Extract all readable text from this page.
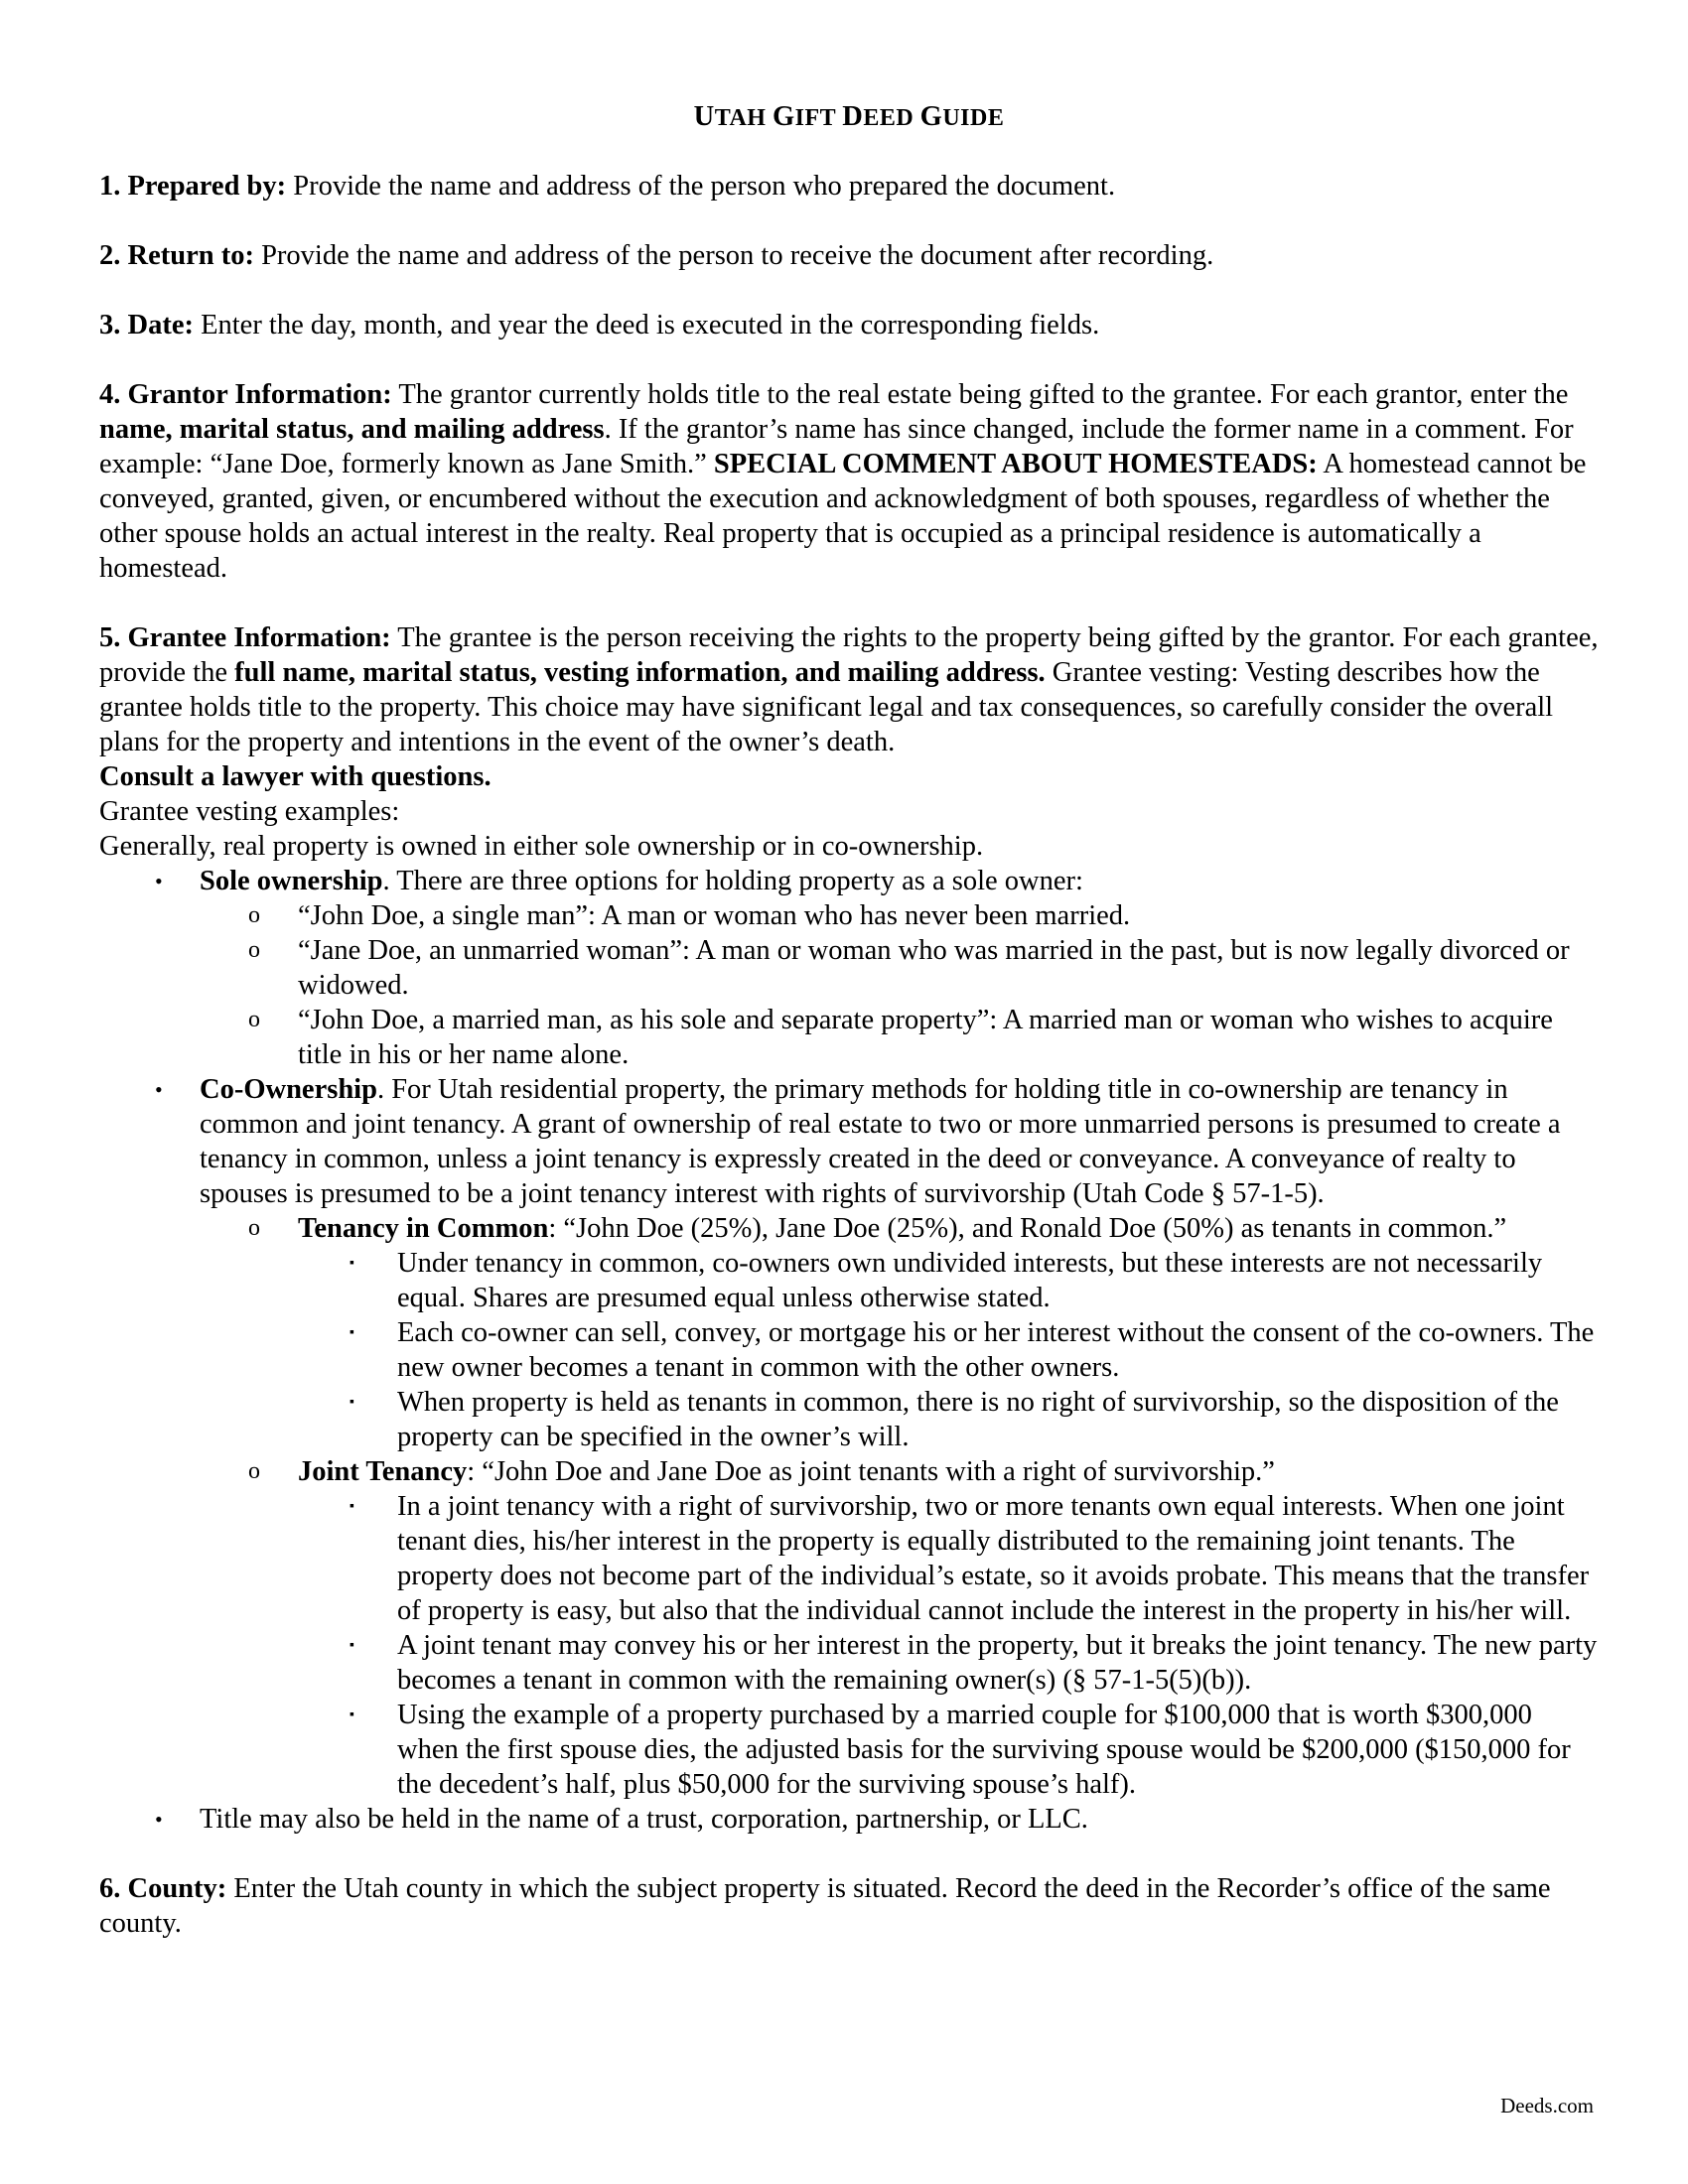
UTAH GIFT DEED GUIDE

1. Prepared by: Provide the name and address of the person who prepared the document.

2. Return to: Provide the name and address of the person to receive the document after recording.

3. Date: Enter the day, month, and year the deed is executed in the corresponding fields.

4. Grantor Information: The grantor currently holds title to the real estate being gifted to the grantee. For each grantor, enter the name, marital status, and mailing address. If the grantor’s name has since changed, include the former name in a comment. For example: “Jane Doe, formerly known as Jane Smith.” SPECIAL COMMENT ABOUT HOMESTEADS: A homestead cannot be conveyed, granted, given, or encumbered without the execution and acknowledgment of both spouses, regardless of whether the other spouse holds an actual interest in the realty. Real property that is occupied as a principal residence is automatically a homestead.

5. Grantee Information: The grantee is the person receiving the rights to the property being gifted by the grantor. For each grantee, provide the full name, marital status, vesting information, and mailing address. Grantee vesting: Vesting describes how the grantee holds title to the property. This choice may have significant legal and tax consequences, so carefully consider the overall plans for the property and intentions in the event of the owner’s death.
Consult a lawyer with questions.

Grantee vesting examples:

Generally, real property is owned in either sole ownership or in co-ownership.

• Sole ownership. There are three options for holding property as a sole owner:
o “John Doe, a single man”: A man or woman who has never been married.
o “Jane Doe, an unmarried woman”: A man or woman who was married in the past, but is now legally divorced or widowed.
o “John Doe, a married man, as his sole and separate property”: A married man or woman who wishes to acquire title in his or her name alone.
• Co-Ownership. For Utah residential property, the primary methods for holding title in co-ownership are tenancy in common and joint tenancy. A grant of ownership of real estate to two or more unmarried persons is presumed to create a tenancy in common, unless a joint tenancy is expressly created in the deed or conveyance. A conveyance of realty to spouses is presumed to be a joint tenancy interest with rights of survivorship (Utah Code § 57-1-5).
o Tenancy in Common: “John Doe (25%), Jane Doe (25%), and Ronald Doe (50%) as tenants in common.”
▪ Under tenancy in common, co-owners own undivided interests, but these interests are not necessarily equal. Shares are presumed equal unless otherwise stated.
▪ Each co-owner can sell, convey, or mortgage his or her interest without the consent of the co-owners. The new owner becomes a tenant in common with the other owners.
▪ When property is held as tenants in common, there is no right of survivorship, so the disposition of the property can be specified in the owner’s will.
o Joint Tenancy: “John Doe and Jane Doe as joint tenants with a right of survivorship.”
▪ In a joint tenancy with a right of survivorship, two or more tenants own equal interests. When one joint tenant dies, his/her interest in the property is equally distributed to the remaining joint tenants. The property does not become part of the individual’s estate, so it avoids probate. This means that the transfer of property is easy, but also that the individual cannot include the interest in the property in his/her will.
▪ A joint tenant may convey his or her interest in the property, but it breaks the joint tenancy. The new party becomes a tenant in common with the remaining owner(s) (§ 57-1-5(5)(b)).
▪ Using the example of a property purchased by a married couple for $100,000 that is worth $300,000 when the first spouse dies, the adjusted basis for the surviving spouse would be $200,000 ($150,000 for the decedent’s half, plus $50,000 for the surviving spouse’s half).
• Title may also be held in the name of a trust, corporation, partnership, or LLC.

6. County: Enter the Utah county in which the subject property is situated. Record the deed in the Recorder’s office of the same county.

Deeds.com
